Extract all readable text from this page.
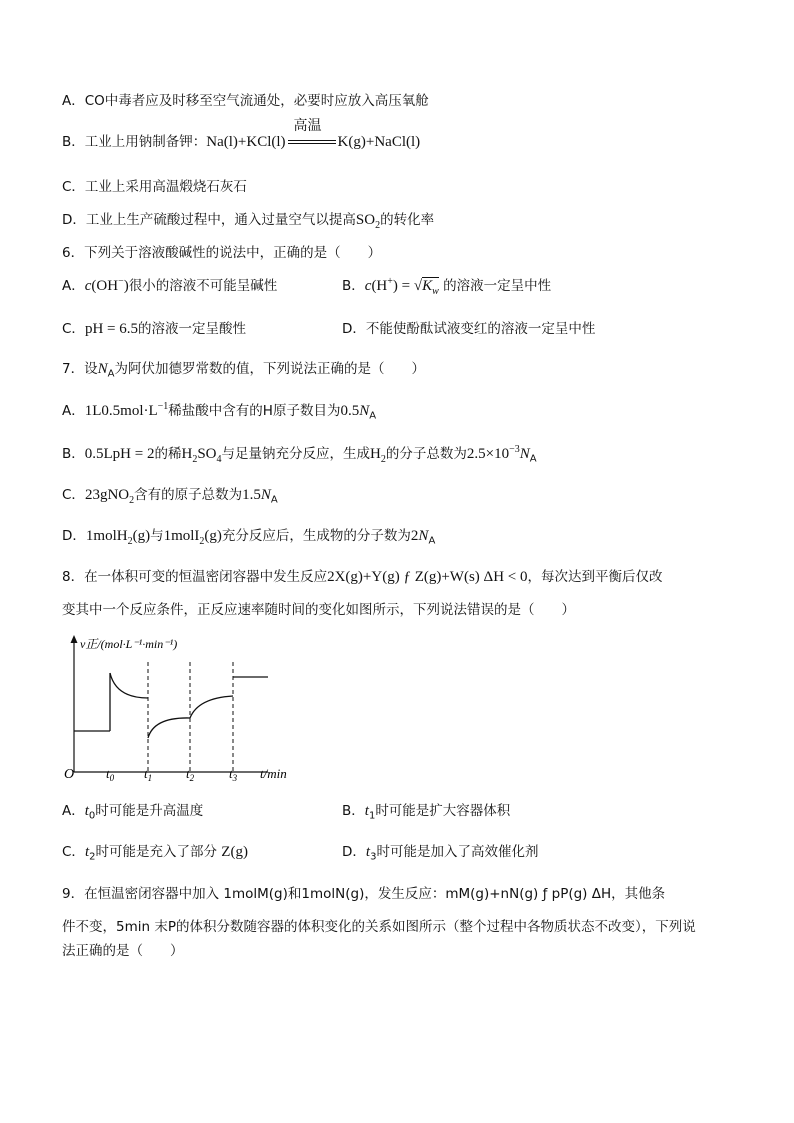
A．CO中毒者应及时移至空气流通处，必要时应放入高压氧舱
B．工业上用钠制备钾：Na(l)+KCl(l)
高温
K(g)+NaCl(l)
C．工业上采用高温煅烧石灰石
D．工业上生产硫酸过程中，通入过量空气以提高$SO_2$的转化率
6．下列关于溶液酸碱性的说法中，正确的是（　　）
A．c(OH−)很小的溶液不可能呈碱性	B．$c(H^+) = √K_w$ 的溶液一定呈中性
C．pH = 6.5的溶液一定呈酸性	D．不能使酚酞试液变红的溶液一定呈中性
7．设$N_A$为阿伏加德罗常数的值，下列说法正确的是（　　）
A．$1L0.5mol\cdot L^{-1}$稀盐酸中含有的H原子数目为$0.5N_A$
B．0.5LpH = 2的稀$H_2SO_4$与足量钠充分反应，生成$H_2$的分子总数为$2.5\times 10^{-3}N_A$
C．23gNO$_2$含有的原子总数为$1.5N_A$
D．1molH$_2$(g)与1molI$_2$(g)充分反应后，生成物的分子数为$2N_A$
8．在一体积可变的恒温密闭容器中发生反应2X(g)+Y(g) ƒ Z(g)+W(s) ΔH < 0，每次达到平衡后仅改
变其中一个反应条件，正反应速率随时间的变化如图所示，下列说法错误的是（　　）
v正/(mol·L⁻¹·min⁻¹)
O $t_0$ $t_1$	$t_2$	$t_3$ t/min
A．$t_0$时可能是升高温度	B．$t_1$时可能是扩大容器体积
C．$t_2$时可能是充入了部分 Z(g)	D．$t_3$时可能是加入了高效催化剂
9．在恒温密闭容器中加入 1molM(g)和1molN(g)，发生反应：mM(g)+nN(g) ƒ pP(g) ΔH，其他条
件不变，5min 末P的体积分数随容器的体积变化的关系如图所示（整个过程中各物质状态不改变），下列说
法正确的是（　　）
